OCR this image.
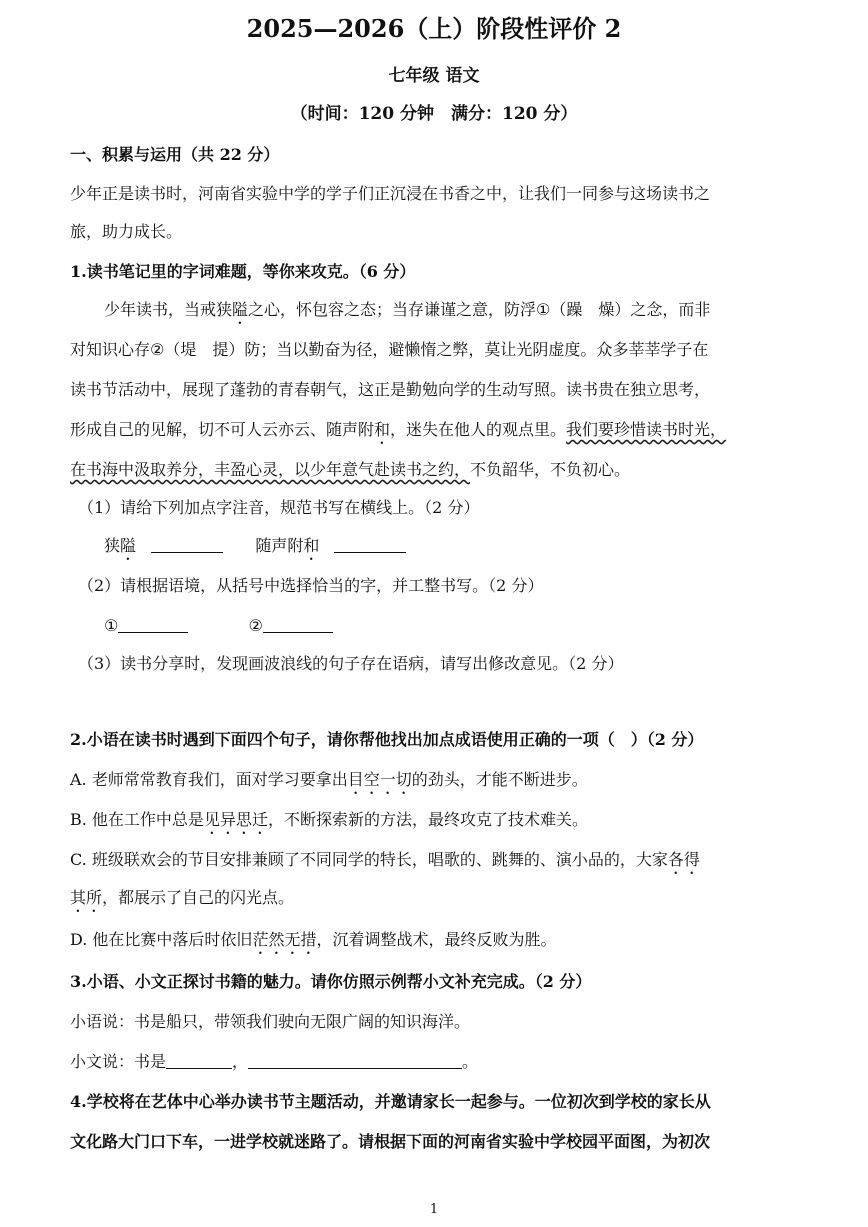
2025—2026（上）阶段性评价 2
七年级 语文
（时间：120 分钟　满分：120 分）
一、积累与运用（共 22 分）
少年正是读书时，河南省实验中学的学子们正沉浸在书香之中，让我们一同参与这场读书之
旅，助力成长。
1.读书笔记里的字词难题，等你来攻克。（6 分）
少年读书，当戒狭隘之心，怀包容之态；当存谦谨之意，防浮①（躁　燥）之念，而非
对知识心存②（堤　提）防；当以勤奋为径，避懒惰之弊，莫让光阴虚度。众多莘莘学子在
读书节活动中，展现了蓬勃的青春朝气，这正是勤勉向学的生动写照。读书贵在独立思考，
形成自己的见解，切不可人云亦云、随声附和，迷失在他人的观点里。我们要珍惜读书时光，
在书海中汲取养分，丰盈心灵，以少年意气赴读书之约，不负韶华，不负初心。
（1）请给下列加点字注音，规范书写在横线上。（2 分）
狭隘	随声附和
（2）请根据语境，从括号中选择恰当的字，并工整书写。（2 分）
①	②
（3）读书分享时，发现画波浪线的句子存在语病，请写出修改意见。（2 分）
2.小语在读书时遇到下面四个句子，请你帮他找出加点成语使用正确的一项（　）（2 分）
A. 老师常常教育我们，面对学习要拿出目空一切的劲头，才能不断进步。
B. 他在工作中总是见异思迁，不断探索新的方法，最终攻克了技术难关。
C. 班级联欢会的节目安排兼顾了不同同学的特长，唱歌的、跳舞的、演小品的，大家各得
其所，都展示了自己的闪光点。
D. 他在比赛中落后时依旧茫然无措，沉着调整战术，最终反败为胜。
3.小语、小文正探讨书籍的魅力。请你仿照示例帮小文补充完成。（2 分）
小语说：书是船只，带领我们驶向无限广阔的知识海洋。
小文说：书是	，	。
4.学校将在艺体中心举办读书节主题活动，并邀请家长一起参与。一位初次到学校的家长从
文化路大门口下车，一进学校就迷路了。请根据下面的河南省实验中学校园平面图，为初次
1
